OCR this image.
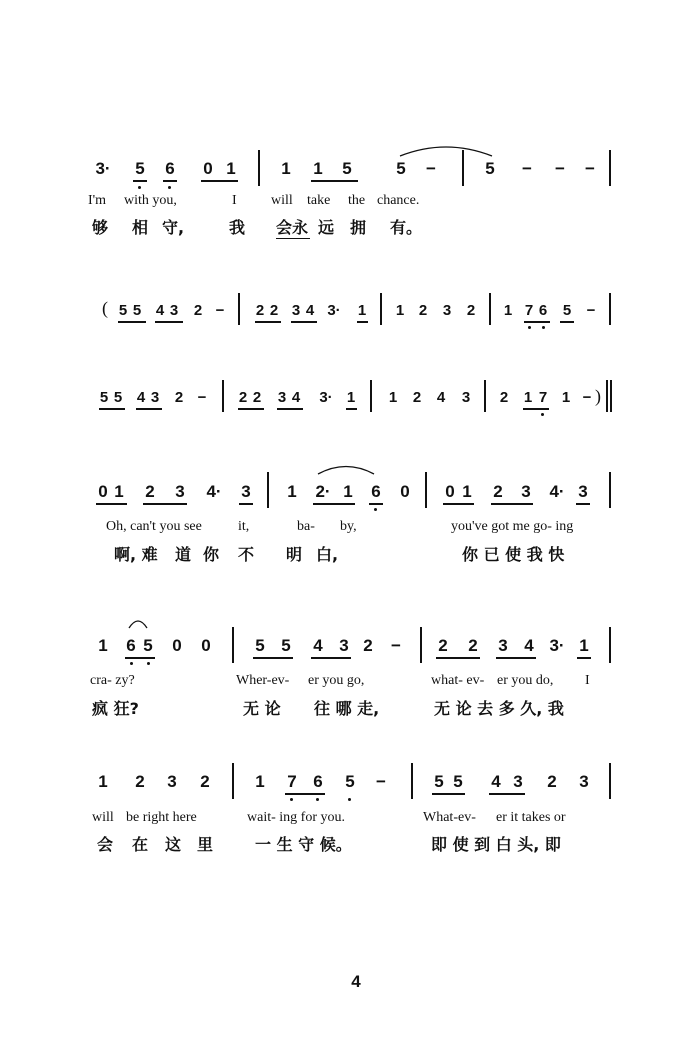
3· 5 6 0 1	1 1 5	5 −	5 − − −
I'm with you,	I will take the chance.
够 相 守,	我 会永 远 拥 有。
( 5 5 4 3 2 − 2 2 3 4 3· 1 1 2 3 2 1 7 6 5 −
5 5 4 3 2 − 2 2 3 4 3· 1 1 2 4 3 2 1 7 1 − )
0 1 2 3 4· 3 1 2· 1 6 0 0 1 2 3 4· 3
Oh, can't you see	it,	ba- by,	you've got me go- ing
啊, 难 道 你 不 明 白,	你 已 使 我 快
1 6 5 0 0	5 5 4 3 2 − 2 2 3 4 3· 1
cra- zy?	Wher-ev- er you go,	what- ev- er you do, I
疯 狂?	无 论 往 哪 走,	无 论 去 多 久, 我
1 2 3 2	1 7 6 5 −	5 5 4 3 2 3
will be right here	wait- ing for you.	What-ev- er it takes or
会 在 这 里	一 生 守 候。	即 使 到 白 头, 即
4
